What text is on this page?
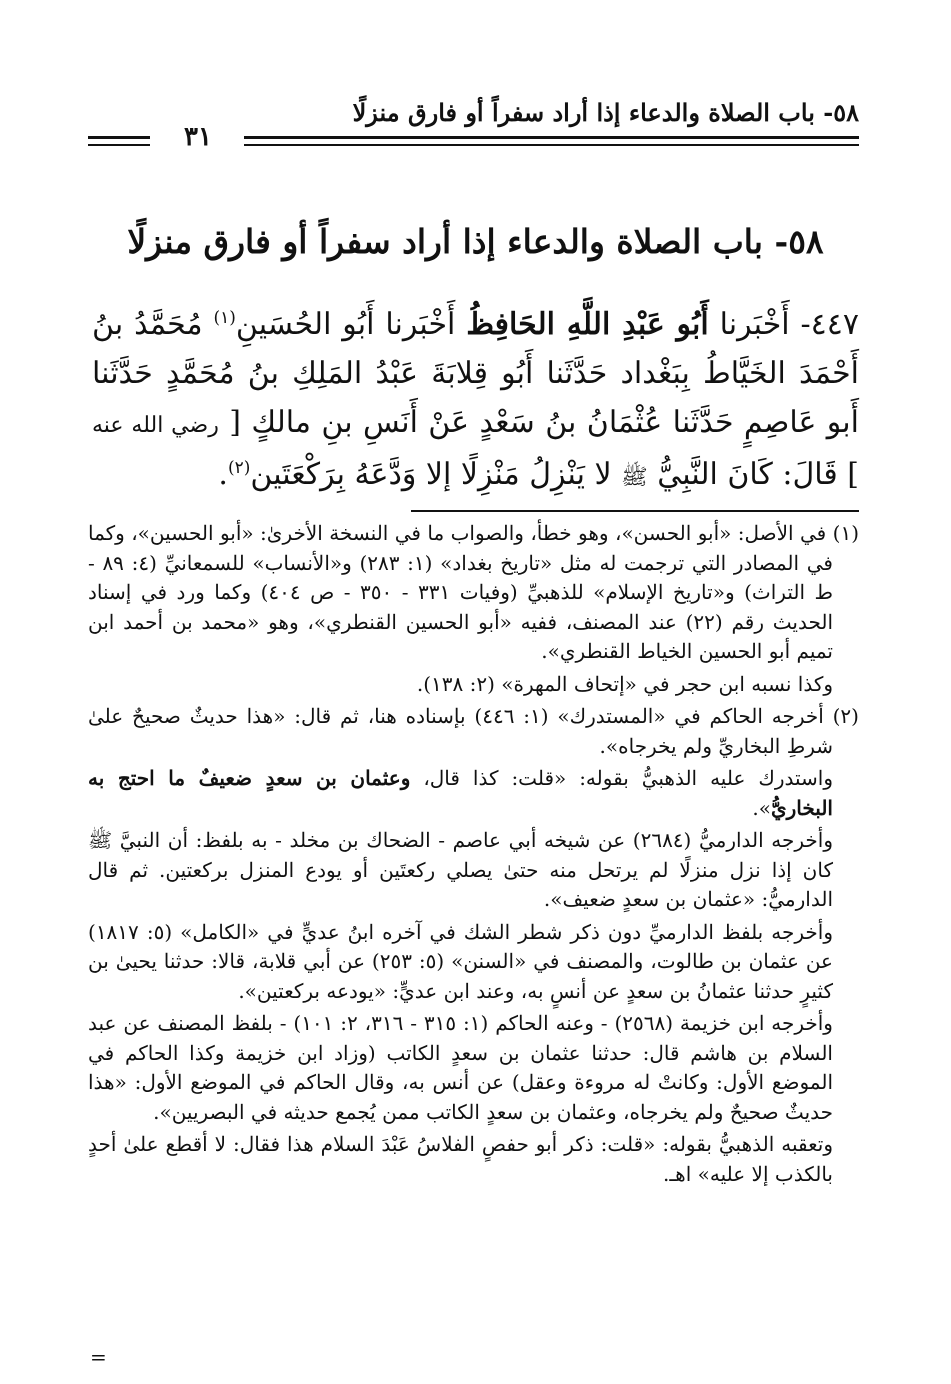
٥٨- باب الصلاة والدعاء إذا أراد سفراً أو فارق منزلًا
٣١
٥٨- باب الصلاة والدعاء إذا أراد سفراً أو فارق منزلًا
٤٤٧- أَخْبَرنا أَبُو عَبْدِ اللَّهِ الحَافِظُ أَخْبَرنا أَبُو الحُسَينِ$^{(١)}$ مُحَمَّدُ بنُ أَحْمَدَ الخَيَّاطُ بِبَغْداد حَدَّثَنا أَبُو قِلابَةَ عَبْدُ المَلِكِ بنُ مُحَمَّدٍ حَدَّثَنا أَبو عَاصِمٍ حَدَّثَنا عُثْمَانُ بنُ سَعْدٍ عَنْ أَنَسِ بنِ مالكٍ [ رضي الله عنه ] قَالَ: كَانَ النَّبِيُّ ﷺ لا يَنْزِلُ مَنْزِلًا إلا وَدَّعَهُ بِرَكْعَتَين$^{(٢)}$.

(١) في الأصل: «أبو الحسن»، وهو خطأ، والصواب ما في النسخة الأخرىٰ: «أبو الحسين»، وكما في المصادر التي ترجمت له مثل «تاريخ بغداد» (١: ٢٨٣) و«الأنساب» للسمعانيِّ (٤: ٨٩ - ط التراث) و«تاريخ الإسلام» للذهبيِّ (وفيات ٣٣١ - ٣٥٠ - ص ٤٠٤) وكما ورد في إسناد الحديث رقم (٢٢) عند المصنف، ففيه «أبو الحسين القنطري»، وهو «محمد بن أحمد ابن تميم أبو الحسين الخياط القنطري».

وكذا نسبه ابن حجر في «إتحاف المهرة» (٢: ١٣٨).

(٢) أخرجه الحاكم في «المستدرك» (١: ٤٤٦) بإسناده هنا، ثم قال: «هذا حديثٌ صحيحٌ علىٰ شرطِ البخاريِّ ولم يخرجاه».

واستدرك عليه الذهبيُّ بقوله: «قلت: كذا قال، وعثمان بن سعدٍ ضعيفٌ ما احتج به البخاريُّ».

وأخرجه الدارميُّ (٢٦٨٤) عن شيخه أبي عاصم - الضحاك بن مخلد - به بلفظ: أن النبيَّ ﷺ كان إذا نزل منزلًا لم يرتحل منه حتىٰ يصلي ركعتَين أو يودع المنزل بركعتين. ثم قال الدارميُّ: «عثمان بن سعدٍ ضعيف».

وأخرجه بلفظ الدارميِّ دون ذكر شطر الشك في آخره ابنُ عديٍّ في «الكامل» (٥: ١٨١٧) عن عثمان بن طالوت، والمصنف في «السنن» (٥: ٢٥٣) عن أبي قلابة، قالا: حدثنا يحيىٰ بن كثيرٍ حدثنا عثمانُ بن سعدٍ عن أنسٍ به، وعند ابن عديٍّ: «يودعه بركعتين».

وأخرجه ابن خزيمة (٢٥٦٨) - وعنه الحاكم (١: ٣١٥ - ٣١٦، ٢: ١٠١) - بلفظ المصنف عن عبد السلام بن هاشم قال: حدثنا عثمان بن سعدٍ الكاتب (وزاد ابن خزيمة وكذا الحاكم في الموضع الأول: وكانتْ له مروءة وعقل) عن أنس به، وقال الحاكم في الموضع الأول: «هذا حديثٌ صحيحٌ ولم يخرجاه، وعثمان بن سعدٍ الكاتب ممن يُجمع حديثه في البصريين».

وتعقبه الذهبيُّ بقوله: «قلت: ذكر أبو حفصٍ الفلاسُ عَبْدَ السلام هذا فقال: لا أقطع علىٰ أحدٍ بالكذب إلا عليه» اهـ.

=
